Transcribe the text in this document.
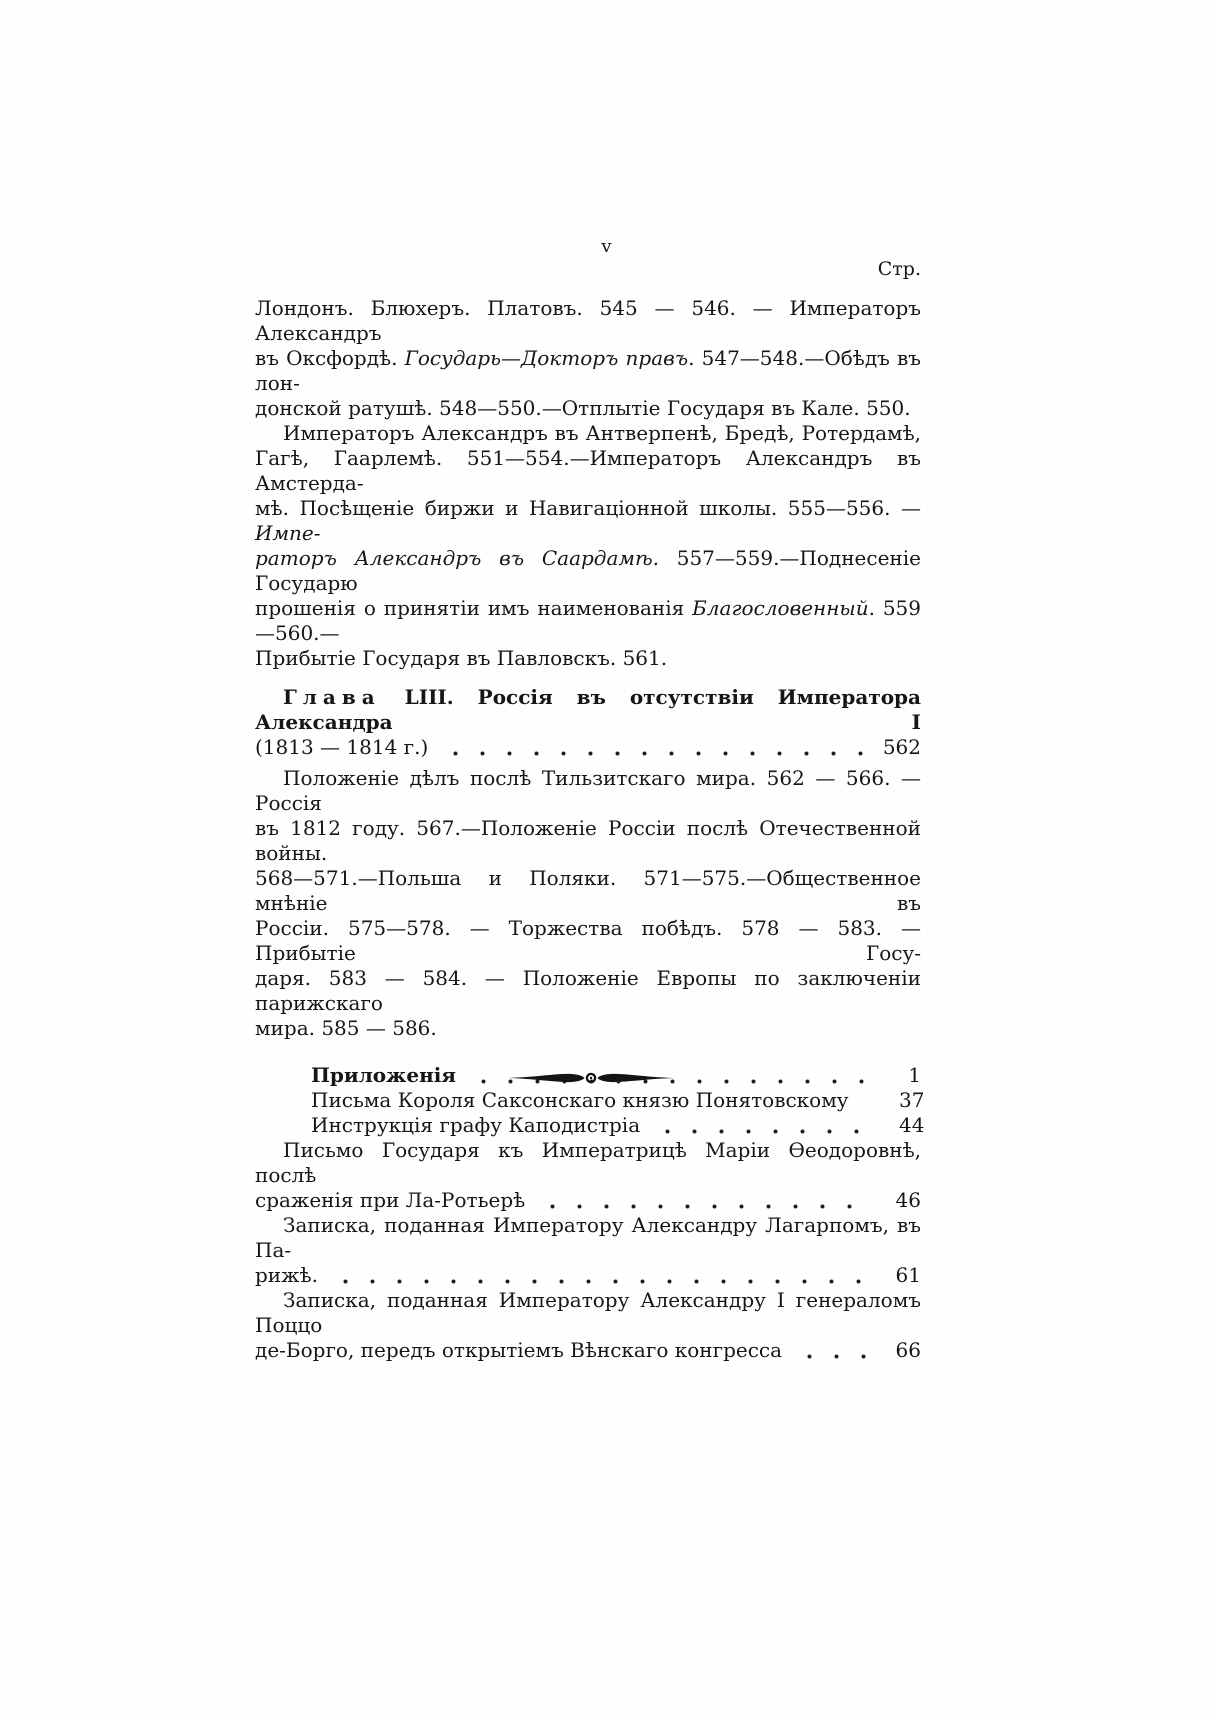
v
Стр.
Лондонъ. Блюхеръ. Платовъ. 545 — 546. — Императоръ Александръ
въ Оксфордѣ. Государь—Докторъ правъ. 547—548.—Обѣдъ въ лон-
донской ратушѣ. 548—550.—Отплытіе Государя въ Кале. 550.
Императоръ Александръ въ Антверпенѣ, Бредѣ, Ротердамѣ,
Гагѣ, Гаарлемѣ. 551—554.—Императоръ Александръ въ Амстерда-
мѣ. Посѣщеніе биржи и Навигаціонной школы. 555—556. — Импе-
раторъ Александръ въ Саардамѣ. 557—559.—Поднесеніе Государю
прошенія о принятіи имъ наименованія Благословенный. 559—560.—
Прибытіе Государя въ Павловскъ. 561.
Глава LIII. Россія въ отсутствіи Императора Александра I
(1813 — 1814 г.)	562
Положеніе дѣлъ послѣ Тильзитскаго мира. 562 — 566. — Россія
въ 1812 году. 567.—Положеніе Россіи послѣ Отечественной войны.
568—571.—Польша и Поляки. 571—575.—Общественное мнѣніе въ
Россіи. 575—578. — Торжества побѣдъ. 578 — 583. — Прибытіе Госу-
даря. 583 — 584. — Положеніе Европы по заключеніи парижскаго
мира. 585 — 586.
Приложенія	1
Письма Короля Саксонскаго князю Понятовскому	37
Инструкція графу Каподистріа	44
Письмо Государя къ Императрицѣ Маріи Ѳеодоровнѣ, послѣ
сраженія при Ла-Ротьерѣ	46
Записка, поданная Императору Александру Лагарпомъ, въ Па-
рижѣ.	61
Записка, поданная Императору Александру I генераломъ Поццо
де-Борго, передъ открытіемъ Вѣнскаго конгресса	66
